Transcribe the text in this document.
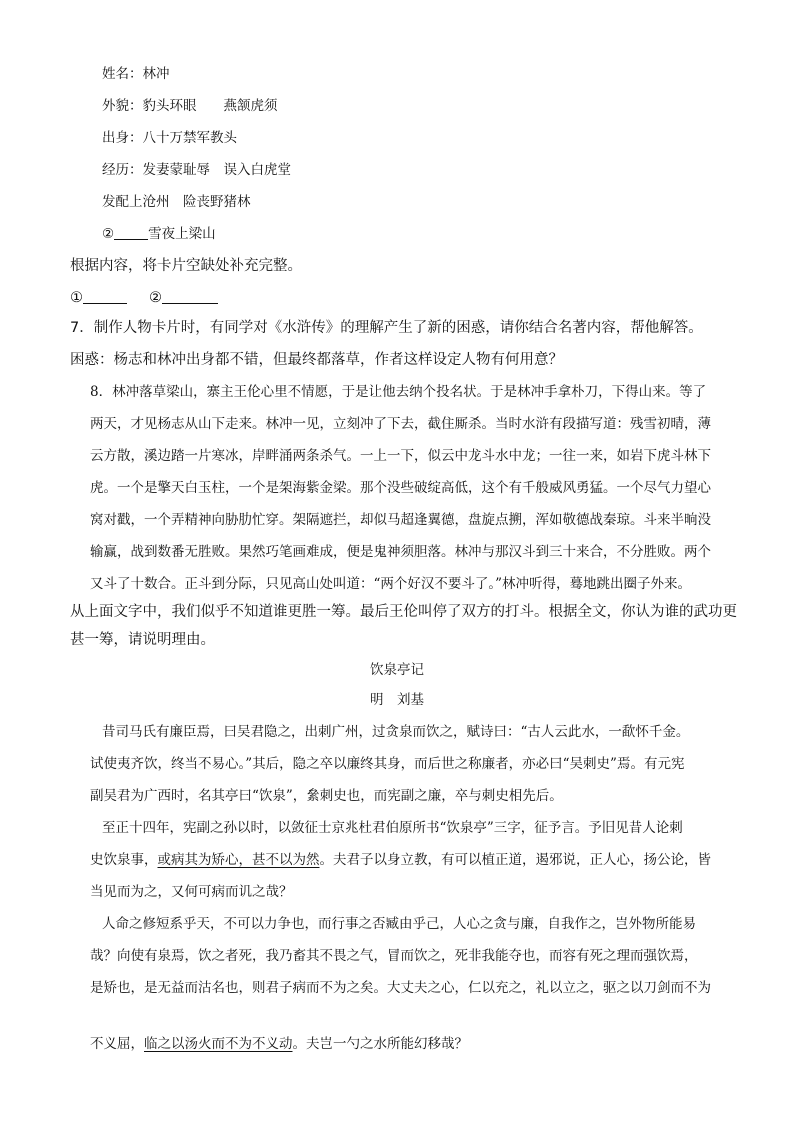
姓名：林冲
外貌：豹头环眼　　燕颔虎须
出身：八十万禁军教头
经历：发妻蒙耻辱　误入白虎堂
发配上沧州　险丧野猪林
②	雪夜上梁山
根据内容，将卡片空缺处补充完整。
①	②
7．制作人物卡片时，有同学对《水浒传》的理解产生了新的困惑，请你结合名著内容，帮他解答。
困惑：杨志和林冲出身都不错，但最终都落草，作者这样设定人物有何用意？
8．林冲落草梁山，寨主王伦心里不情愿，于是让他去纳个投名状。于是林冲手拿朴刀，下得山来。等了
两天，才见杨志从山下走来。林冲一见，立刻冲了下去，截住厮杀。当时水浒有段描写道：残雪初晴，薄
云方散，溪边踏一片寒冰，岸畔涌两条杀气。一上一下，似云中龙斗水中龙；一往一来，如岩下虎斗林下
虎。一个是擎天白玉柱，一个是架海紫金梁。那个没些破绽高低，这个有千般威风勇猛。一个尽气力望心
窝对戳，一个弄精神向胁肋忙穿。架隔遮拦，却似马超逢翼德，盘旋点搠，浑如敬德战秦琼。斗来半晌没
输赢，战到数番无胜败。果然巧笔画难成，便是鬼神须胆落。林冲与那汉斗到三十来合，不分胜败。两个
又斗了十数合。正斗到分际，只见高山处叫道：“两个好汉不要斗了。”林冲听得，蓦地跳出圈子外来。
从上面文字中，我们似乎不知道谁更胜一筹。最后王伦叫停了双方的打斗。根据全文，你认为谁的武功更
甚一筹，请说明理由。
饮泉亭记
明　刘基
昔司马氏有廉臣焉，曰吴君隐之，出刺广州，过贪泉而饮之，赋诗曰：“古人云此水，一歃怀千金。
试使夷齐饮，终当不易心。”其后，隐之卒以廉终其身，而后世之称廉者，亦必曰“吴刺史”焉。有元宪
副吴君为广西时，名其亭曰“饮泉”，絫刺史也，而宪副之廉，卒与刺史相先后。
至正十四年，宪副之孙以时，以敛征士京兆杜君伯原所书“饮泉亭”三字，征予言。予旧见昔人论刺
史饮泉事，或病其为矫心，甚不以为然。夫君子以身立教，有可以植正道，遏邪说，正人心，扬公论，皆
当见而为之，又何可病而讥之哉？
人命之修短系乎天，不可以力争也，而行事之否臧由乎己，人心之贪与廉，自我作之，岂外物所能易
哉？向使有泉焉，饮之者死，我乃畜其不畏之气，冒而饮之，死非我能夺也，而容有死之理而强饮焉，
是矫也，是无益而沽名也，则君子病而不为之矣。大丈夫之心，仁以充之，礼以立之，驱之以刀剑而不为
不义屈，临之以汤火而不为不义动。夫岂一勺之水所能幻移哉？
